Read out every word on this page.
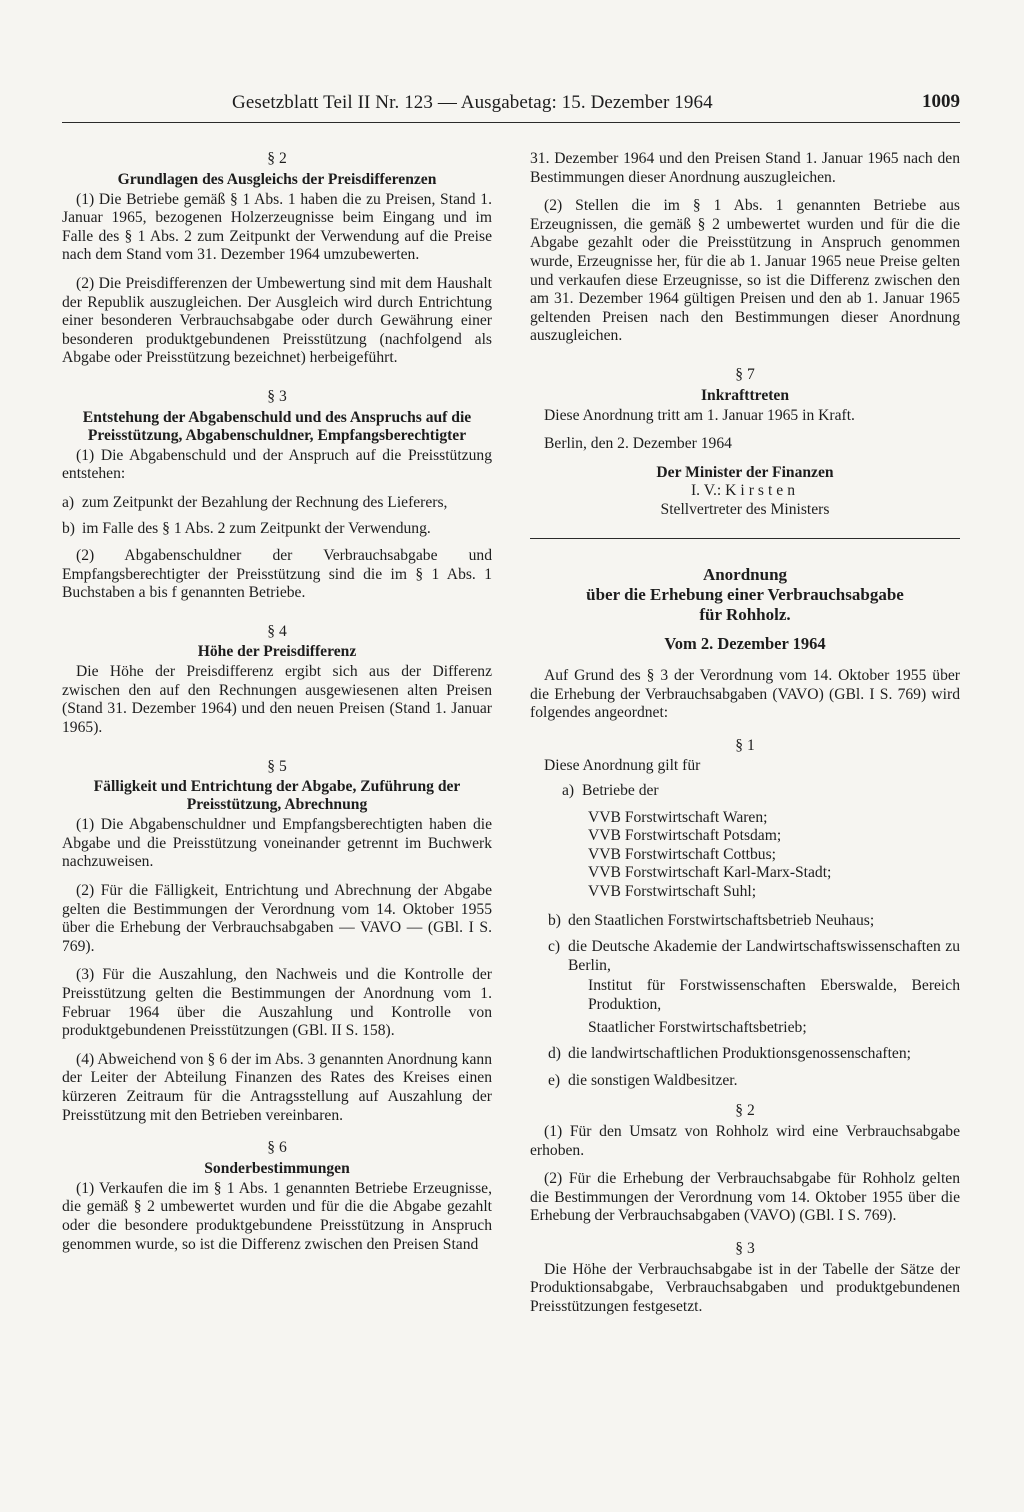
Gesetzblatt Teil II Nr. 123 — Ausgabetag: 15. Dezember 1964	1009
§ 2
Grundlagen des Ausgleichs der Preisdifferenzen

(1) Die Betriebe gemäß § 1 Abs. 1 haben die zu Preisen, Stand 1. Januar 1965, bezogenen Holzerzeugnisse beim Eingang und im Falle des § 1 Abs. 2 zum Zeitpunkt der Verwendung auf die Preise nach dem Stand vom 31. Dezember 1964 umzubewerten.

(2) Die Preisdifferenzen der Umbewertung sind mit dem Haushalt der Republik auszugleichen. Der Ausgleich wird durch Entrichtung einer besonderen Verbrauchsabgabe oder durch Gewährung einer besonderen produktgebundenen Preisstützung (nachfolgend als Abgabe oder Preisstützung bezeichnet) herbeigeführt.

§ 3
Entstehung der Abgabenschuld und des Anspruchs auf die Preisstützung, Abgabenschuldner, Empfangsberechtigter

(1) Die Abgabenschuld und der Anspruch auf die Preisstützung entstehen:

a) zum Zeitpunkt der Bezahlung der Rechnung des Lieferers,
b) im Falle des § 1 Abs. 2 zum Zeitpunkt der Verwendung.

(2) Abgabenschuldner der Verbrauchsabgabe und Empfangsberechtigter der Preisstützung sind die im § 1 Abs. 1 Buchstaben a bis f genannten Betriebe.

§ 4
Höhe der Preisdifferenz

Die Höhe der Preisdifferenz ergibt sich aus der Differenz zwischen den auf den Rechnungen ausgewiesenen alten Preisen (Stand 31. Dezember 1964) und den neuen Preisen (Stand 1. Januar 1965).

§ 5
Fälligkeit und Entrichtung der Abgabe, Zuführung der Preisstützung, Abrechnung

(1) Die Abgabenschuldner und Empfangsberechtigten haben die Abgabe und die Preisstützung voneinander getrennt im Buchwerk nachzuweisen.

(2) Für die Fälligkeit, Entrichtung und Abrechnung der Abgabe gelten die Bestimmungen der Verordnung vom 14. Oktober 1955 über die Erhebung der Verbrauchsabgaben — VAVO — (GBl. I S. 769).

(3) Für die Auszahlung, den Nachweis und die Kontrolle der Preisstützung gelten die Bestimmungen der Anordnung vom 1. Februar 1964 über die Auszahlung und Kontrolle von produktgebundenen Preisstützungen (GBl. II S. 158).

(4) Abweichend von § 6 der im Abs. 3 genannten Anordnung kann der Leiter der Abteilung Finanzen des Rates des Kreises einen kürzeren Zeitraum für die Antragsstellung auf Auszahlung der Preisstützung mit den Betrieben vereinbaren.

§ 6
Sonderbestimmungen

(1) Verkaufen die im § 1 Abs. 1 genannten Betriebe Erzeugnisse, die gemäß § 2 umbewertet wurden und für die die Abgabe gezahlt oder die besondere produktgebundene Preisstützung in Anspruch genommen wurde, so ist die Differenz zwischen den Preisen Stand

31. Dezember 1964 und den Preisen Stand 1. Januar 1965 nach den Bestimmungen dieser Anordnung auszugleichen.

(2) Stellen die im § 1 Abs. 1 genannten Betriebe aus Erzeugnissen, die gemäß § 2 umbewertet wurden und für die die Abgabe gezahlt oder die Preisstützung in Anspruch genommen wurde, Erzeugnisse her, für die ab 1. Januar 1965 neue Preise gelten und verkaufen diese Erzeugnisse, so ist die Differenz zwischen den am 31. Dezember 1964 gültigen Preisen und den ab 1. Januar 1965 geltenden Preisen nach den Bestimmungen dieser Anordnung auszugleichen.

§ 7
Inkrafttreten

Diese Anordnung tritt am 1. Januar 1965 in Kraft.

Berlin, den 2. Dezember 1964

Der Minister der Finanzen
I. V.: Kirsten
Stellvertreter des Ministers
Anordnung
über die Erhebung einer Verbrauchsabgabe
für Rohholz.
Vom 2. Dezember 1964

Auf Grund des § 3 der Verordnung vom 14. Oktober 1955 über die Erhebung der Verbrauchsabgaben (VAVO) (GBl. I S. 769) wird folgendes angeordnet:

§ 1

Diese Anordnung gilt für

a) Betriebe der
VVB Forstwirtschaft Waren;
VVB Forstwirtschaft Potsdam;
VVB Forstwirtschaft Cottbus;
VVB Forstwirtschaft Karl-Marx-Stadt;
VVB Forstwirtschaft Suhl;
b) den Staatlichen Forstwirtschaftsbetrieb Neuhaus;
c) die Deutsche Akademie der Landwirtschaftswissenschaften zu Berlin,
Institut für Forstwissenschaften Eberswalde, Bereich Produktion,
Staatlicher Forstwirtschaftsbetrieb;
d) die landwirtschaftlichen Produktionsgenossenschaften;
e) die sonstigen Waldbesitzer.
§ 2

(1) Für den Umsatz von Rohholz wird eine Verbrauchsabgabe erhoben.

(2) Für die Erhebung der Verbrauchsabgabe für Rohholz gelten die Bestimmungen der Verordnung vom 14. Oktober 1955 über die Erhebung der Verbrauchsabgaben (VAVO) (GBl. I S. 769).

§ 3

Die Höhe der Verbrauchsabgabe ist in der Tabelle der Sätze der Produktionsabgabe, Verbrauchsabgaben und produktgebundenen Preisstützungen festgesetzt.
